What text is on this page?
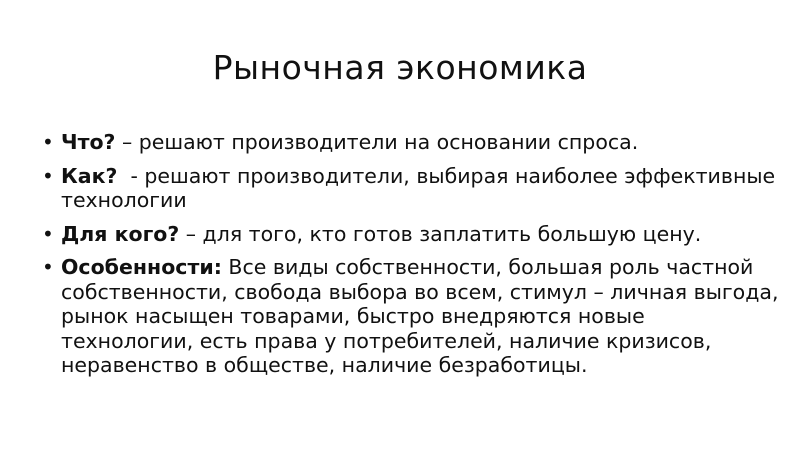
Рыночная экономика
• Что? – решают производители на основании спроса.
• Как?  - решают производители, выбирая наиболее эффективные технологии
• Для кого? – для того, кто готов заплатить большую цену.
• Особенности: Все виды собственности, большая роль частной собственности, свобода выбора во всем, стимул – личная выгода, рынок насыщен товарами, быстро внедряются новые технологии, есть права у потребителей, наличие кризисов, неравенство в обществе, наличие безработицы.
